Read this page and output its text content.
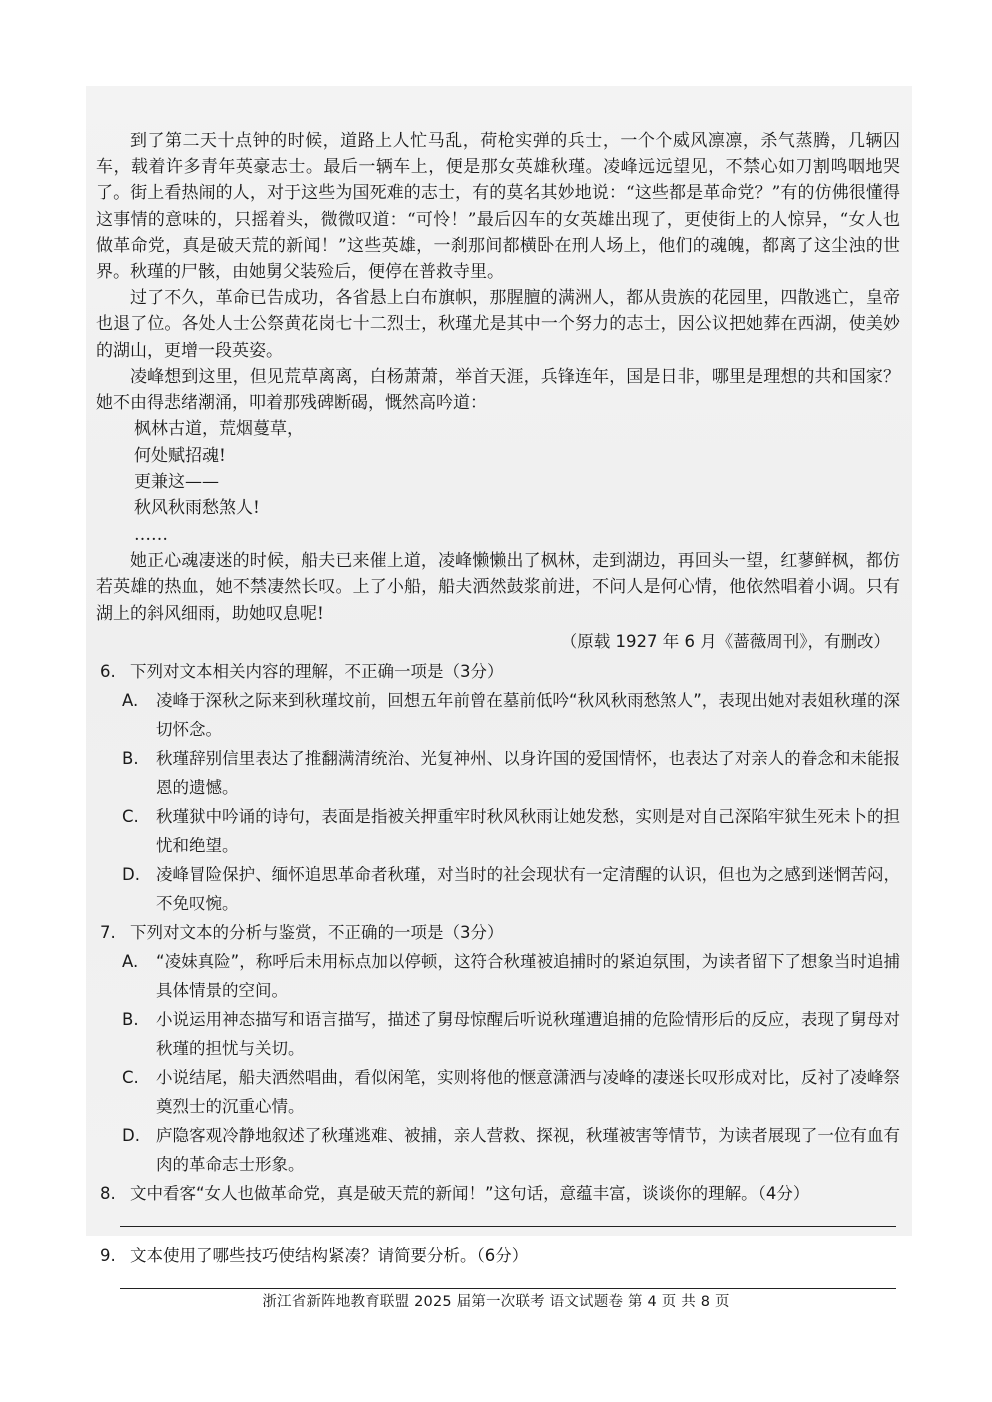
到了第二天十点钟的时候，道路上人忙马乱，荷枪实弹的兵士，一个个威风凛凛，杀气蒸腾，几辆囚车，载着许多青年英豪志士。最后一辆车上，便是那女英雄秋瑾。凌峰远远望见，不禁心如刀割鸣咽地哭了。街上看热闹的人，对于这些为国死难的志士，有的莫名其妙地说：“这些都是革命党？”有的仿佛很懂得这事情的意味的，只摇着头，微微叹道：“可怜！”最后囚车的女英雄出现了，更使街上的人惊异，“女人也做革命党，真是破天荒的新闻！”这些英雄，一刹那间都横卧在刑人场上，他们的魂魄，都离了这尘浊的世界。秋瑾的尸骸，由她舅父装殓后，便停在普救寺里。

过了不久，革命已告成功，各省悬上白布旗帜，那腥膻的满洲人，都从贵族的花园里，四散逃亡，皇帝也退了位。各处人士公祭黄花岗七十二烈士，秋瑾尤是其中一个努力的志士，因公议把她葬在西湖，使美妙的湖山，更增一段英姿。

凌峰想到这里，但见荒草离离，白杨萧萧，举首天涯，兵锋连年，国是日非，哪里是理想的共和国家？她不由得悲绪潮涌，叩着那残碑断碣，慨然高吟道：

枫林古道，荒烟蔓草，
何处赋招魂!
更兼这——
秋风秋雨愁煞人!
……

她正心魂凄迷的时候，船夫已来催上道，凌峰懒懒出了枫林，走到湖边，再回头一望，红蓼鲜枫，都仿若英雄的热血，她不禁凄然长叹。上了小船，船夫洒然鼓浆前进，不问人是何心情，他依然唱着小调。只有湖上的斜风细雨，助她叹息呢!

（原载 1927 年 6 月《蔷薇周刊》，有删改）
6. 下列对文本相关内容的理解，不正确一项是（3分）
A.	凌峰于深秋之际来到秋瑾坟前，回想五年前曾在墓前低吟“秋风秋雨愁煞人”，表现出她对表姐秋瑾的深切怀念。
B.	秋瑾辞别信里表达了推翻满清统治、光复神州、以身许国的爱国情怀，也表达了对亲人的眷念和未能报恩的遗憾。
C.	秋瑾狱中吟诵的诗句，表面是指被关押重牢时秋风秋雨让她发愁，实则是对自己深陷牢狱生死未卜的担忧和绝望。
D. 凌峰冒险保护、缅怀追思革命者秋瑾，对当时的社会现状有一定清醒的认识，但也为之感到迷惘苦闷，不免叹惋。
7. 下列对文本的分析与鉴赏，不正确的一项是（3分）
A.	“凌妹真险”，称呼后未用标点加以停顿，这符合秋瑾被追捕时的紧迫氛围，为读者留下了想象当时追捕具体情景的空间。
B.	小说运用神态描写和语言描写，描述了舅母惊醒后听说秋瑾遭追捕的危险情形后的反应，表现了舅母对秋瑾的担忧与关切。
C.	小说结尾，船夫洒然唱曲，看似闲笔，实则将他的惬意潇洒与凌峰的凄迷长叹形成对比，反衬了凌峰祭奠烈士的沉重心情。
D. 庐隐客观冷静地叙述了秋瑾逃难、被捕，亲人营救、探视，秋瑾被害等情节，为读者展现了一位有血有肉的革命志士形象。
8. 文中看客“女人也做革命党，真是破天荒的新闻！”这句话，意蕴丰富，谈谈你的理解。（4分）
9. 文本使用了哪些技巧使结构紧凑？请简要分析。（6分）
浙江省新阵地教育联盟 2025 届第一次联考 语文试题卷 第 4 页 共 8 页
